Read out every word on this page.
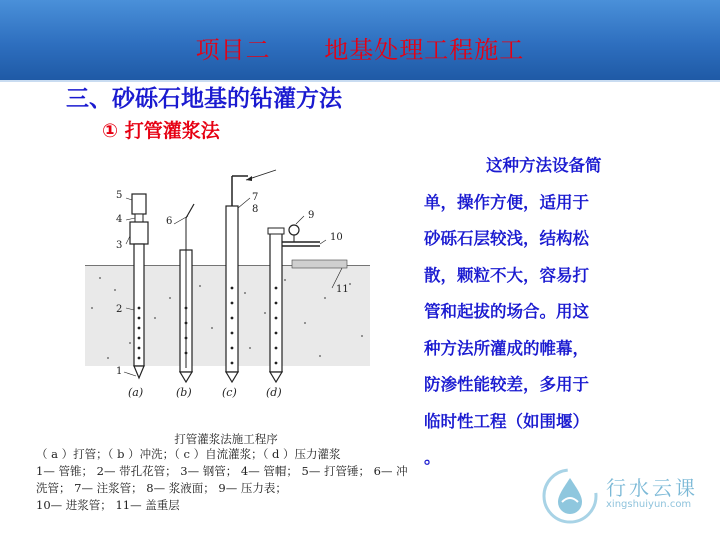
项目二　 地基处理工程施工
三、砂砾石地基的钻灌方法
① 打管灌浆法
5
4
3
2
1
6
7
8
9
10
11
(a)	(b)	(c)	(d)
打管灌浆法施工程序
（ a ）打管；（ b ）冲洗；（ c ）自流灌浆；（ d ）压力灌浆
1— 管锥； 2— 带孔花管； 3— 钢管； 4— 管帽； 5— 打管锤； 6— 冲洗管； 7— 注浆管； 8— 浆液面； 9— 压力表；
10— 进浆管； 11— 盖重层
这种方法设备简
单，操作方便，适用于
砂砾石层较浅，结构松
散，颗粒不大，容易打
管和起拔的场合。用这
种方法所灌成的帷幕，
防渗性能较差，多用于
临时性工程（如围堰）
。
行水云课
xingshuiyun.com
